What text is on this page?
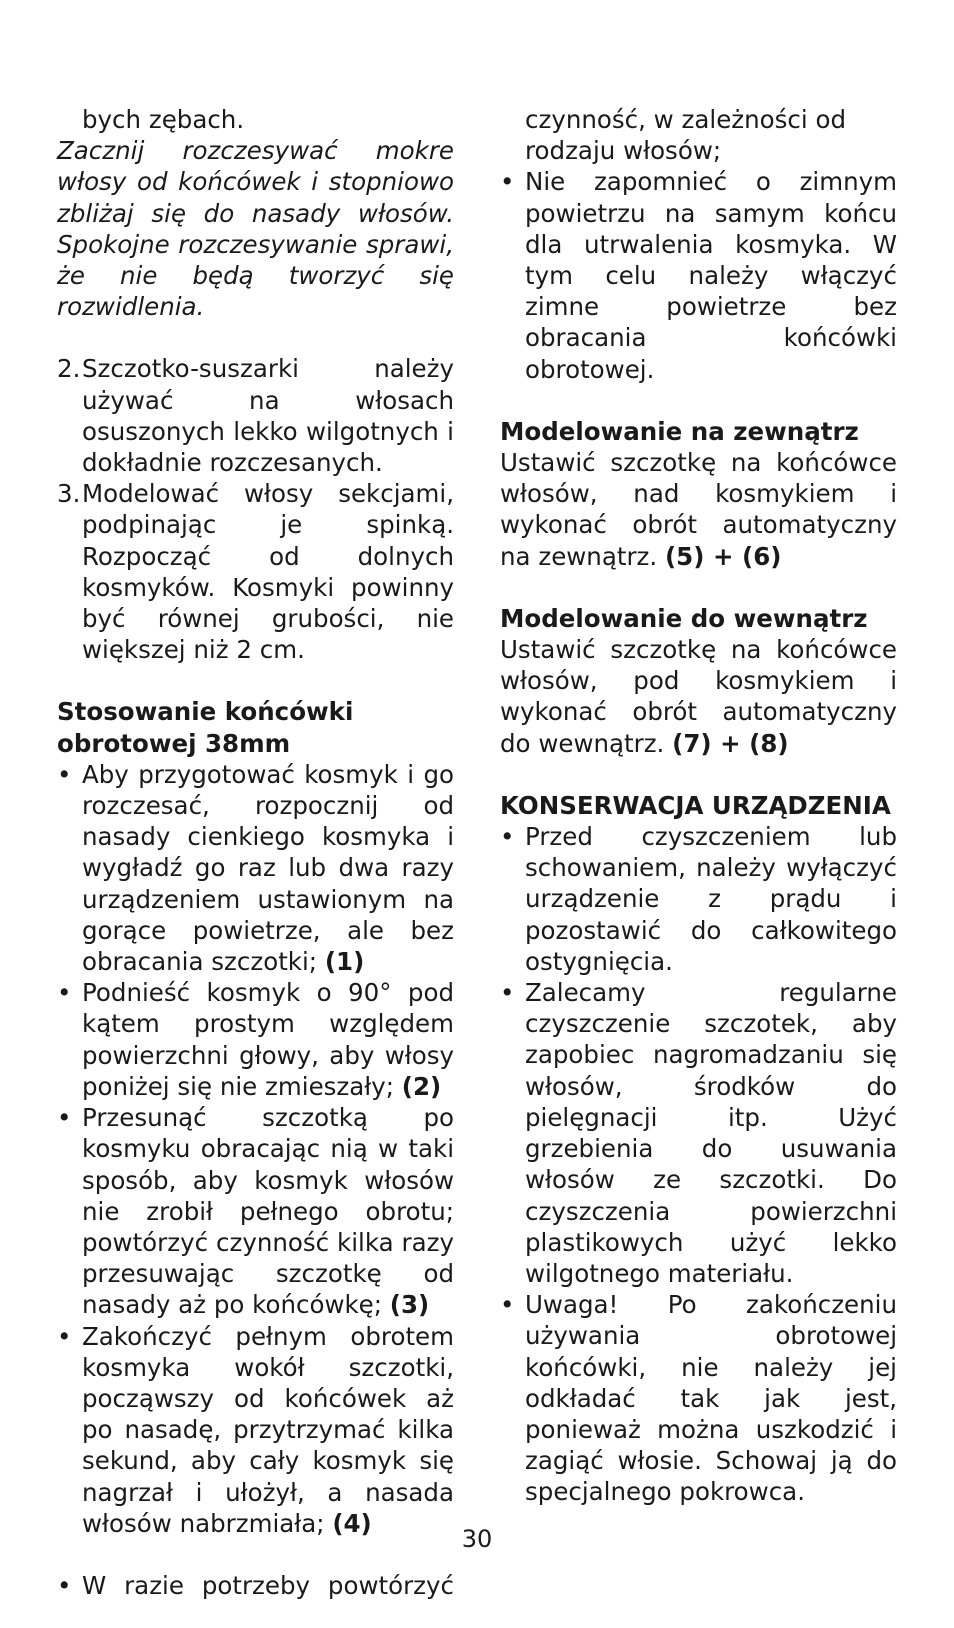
bych zębach.

Zacznij rozczesywać mokre włosy od końcówek i stopniowo zbliżaj się do nasady włosów. Spokojne rozczesywanie sprawi, że nie będą tworzyć się rozwidlenia.

2. Szczotko-suszarki należy używać na włosach osuszonych lekko wilgotnych i dokładnie rozczesanych.
3. Modelować włosy sekcjami, podpinając je spinką. Rozpocząć od dolnych kosmyków. Kosmyki powinny być równej grubości, nie większej niż 2 cm.

Stosowanie końcówki obrotowej 38mm

• Aby przygotować kosmyk i go rozczesać, rozpocznij od nasady cienkiego kosmyka i wygładź go raz lub dwa razy urządzeniem ustawionym na gorące powietrze, ale bez obracania szczotki; (1)
• Podnieść kosmyk o 90° pod kątem prostym względem powierzchni głowy, aby włosy poniżej się nie zmieszały; (2)
• Przesunąć szczotką po kosmyku obracając nią w taki sposób, aby kosmyk włosów nie zrobił pełnego obrotu; powtórzyć czynność kilka razy przesuwając szczotkę od nasady aż po końcówkę; (3)
• Zakończyć pełnym obrotem kosmyka wokół szczotki, począwszy od końcówek aż po nasadę, przytrzymać kilka sekund, aby cały kosmyk się nagrzał i ułożył, a nasada włosów nabrzmiała; (4)
• W razie potrzeby powtórzyć

czynność, w zależności od rodzaju włosów;

• Nie zapomnieć o zimnym powietrzu na samym końcu dla utrwalenia kosmyka. W tym celu należy włączyć zimne powietrze bez obracania końcówki obrotowej.

Modelowanie na zewnątrz

Ustawić szczotkę na końcówce włosów, nad kosmykiem i wykonać obrót automatyczny na zewnątrz. (5) + (6)

Modelowanie do wewnątrz

Ustawić szczotkę na końcówce włosów, pod kosmykiem i wykonać obrót automatyczny do wewnątrz. (7) + (8)

KONSERWACJA URZĄDZENIA

• Przed czyszczeniem lub schowaniem, należy wyłączyć urządzenie z prądu i pozostawić do całkowitego ostygnięcia.
• Zalecamy regularne czyszczenie szczotek, aby zapobiec nagromadzaniu się włosów, środków do pielęgnacji itp. Użyć grzebienia do usuwania włosów ze szczotki. Do czyszczenia powierzchni plastikowych użyć lekko wilgotnego materiału.
• Uwaga! Po zakończeniu używania obrotowej końcówki, nie należy jej odkładać tak jak jest, ponieważ można uszkodzić i zagiąć włosie. Schowaj ją do specjalnego pokrowca.
30
